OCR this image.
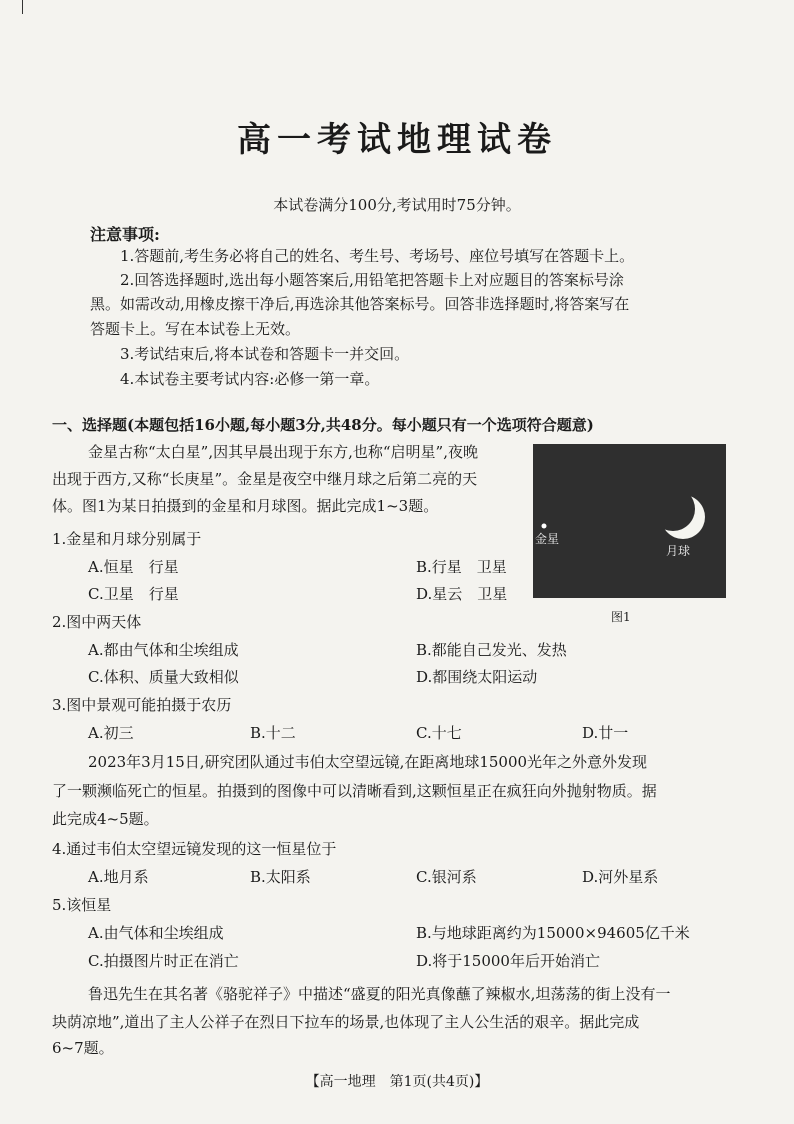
高一考试地理试卷
本试卷满分100分,考试用时75分钟。
注意事项:
1.答题前,考生务必将自己的姓名、考生号、考场号、座位号填写在答题卡上。
2.回答选择题时,选出每小题答案后,用铅笔把答题卡上对应题目的答案标号涂
黑。如需改动,用橡皮擦干净后,再选涂其他答案标号。回答非选择题时,将答案写在
答题卡上。写在本试卷上无效。
3.考试结束后,将本试卷和答题卡一并交回。
4.本试卷主要考试内容:必修一第一章。
一、选择题(本题包括16小题,每小题3分,共48分。每小题只有一个选项符合题意)
金星古称“太白星”,因其早晨出现于东方,也称“启明星”,夜晚
出现于西方,又称“长庚星”。金星是夜空中继月球之后第二亮的天
体。图1为某日拍摄到的金星和月球图。据此完成1~3题。
金星
月球
图1
1.金星和月球分别属于
A.恒星　行星	B.行星　卫星
C.卫星　行星	D.星云　卫星
2.图中两天体
A.都由气体和尘埃组成	B.都能自己发光、发热
C.体积、质量大致相似	D.都围绕太阳运动
3.图中景观可能拍摄于农历
A.初三	B.十二	C.十七	D.廿一
2023年3月15日,研究团队通过韦伯太空望远镜,在距离地球15000光年之外意外发现
了一颗濒临死亡的恒星。拍摄到的图像中可以清晰看到,这颗恒星正在疯狂向外抛射物质。据
此完成4~5题。
4.通过韦伯太空望远镜发现的这一恒星位于
A.地月系	B.太阳系	C.银河系	D.河外星系
5.该恒星
A.由气体和尘埃组成	B.与地球距离约为15000×94605亿千米
C.拍摄图片时正在消亡	D.将于15000年后开始消亡
鲁迅先生在其名著《骆驼祥子》中描述“盛夏的阳光真像蘸了辣椒水,坦荡荡的街上没有一
块荫凉地”,道出了主人公祥子在烈日下拉车的场景,也体现了主人公生活的艰辛。据此完成
6~7题。
【高一地理　第1页(共4页)】
